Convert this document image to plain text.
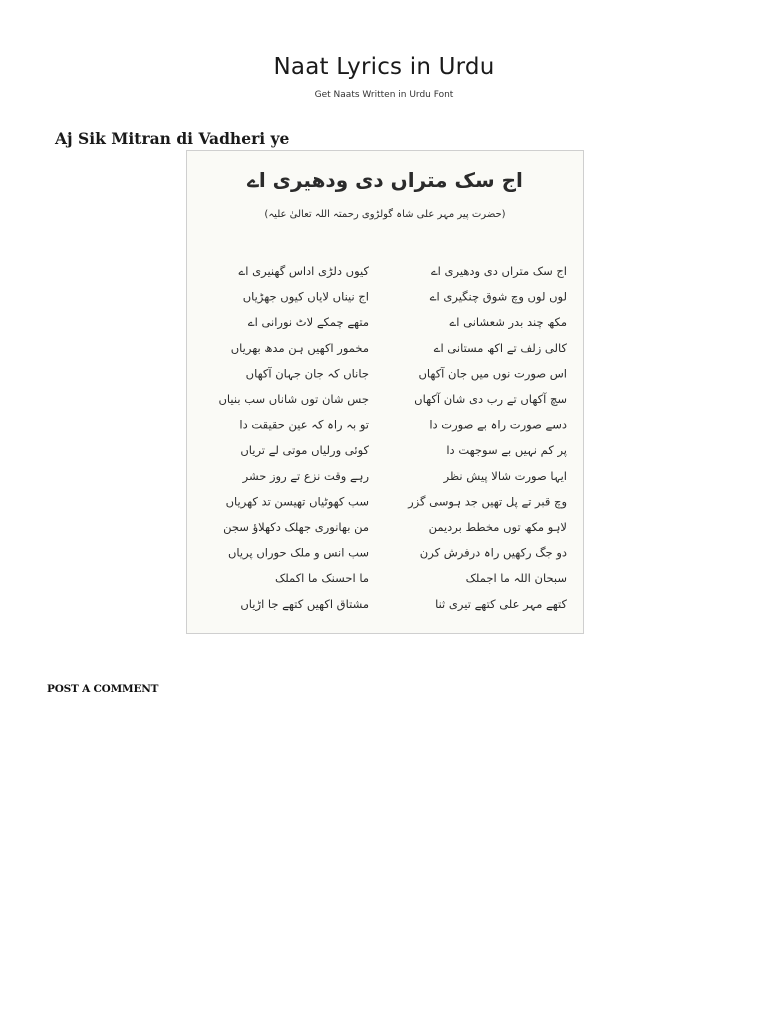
Naat Lyrics in Urdu
Get Naats Written in Urdu Font
Aj Sik Mitran di Vadheri ye
اج سک متراں دی ودھیری اے
(حضرت پیر مہر علی شاہ گولڑوی رحمتہ اللہ تعالیٰ علیہ)
اج سک متراں دی ودھیری اے
لوں لوں وچ شوق چنگیری اے
مکھ چند بدر شعشانی اے
کالی زلف تے اکھ مستانی اے
اس صورت نوں میں جان آکھاں
سچ آکھاں تے رب دی شان آکھاں
دسے صورت راہ بے صورت دا
پر کم نہیں بے سوجھت دا
ایہا صورت شالا پیش نظر
وچ قبر تے پل تھیں جد ہوسی گزر
لاہو مکھ توں مخطط بردیمن
دو جگ رکھیں راہ درفرش کرن
سبحان اللہ ما اجملک
کتھے مہر علی کتھے تیری ثنا
کیوں دلڑی اداس گھنیری اے
اج نیناں لایاں کیوں جھڑیاں
متھے چمکے لاٹ نورانی اے
مخمور اکھیں ہن مدھ بھریاں
جاناں کہ جان جہان آکھاں
جس شان توں شاناں سب بنیاں
تو بہ راہ کہ عین حقیقت دا
کوئی ورلیاں موتی لے تریاں
رہے وقت نزع تے روز حشر
سب کھوٹیاں تھیسن تد کھریاں
من بھانوری جھلک دکھلاؤ سجن
سب انس و ملک حوراں پریاں
ما احسنک ما اکملک
مشتاق اکھیں کتھے جا اڑیاں
POST A COMMENT
